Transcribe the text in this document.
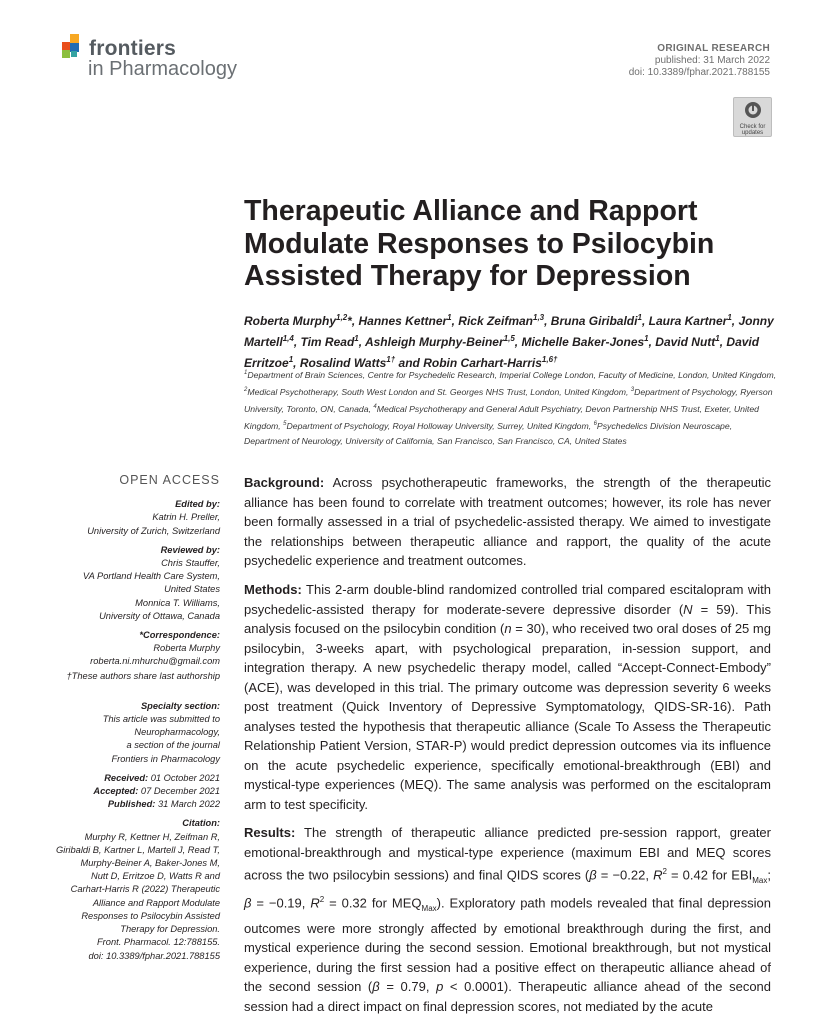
frontiers
in Pharmacology
ORIGINAL RESEARCH
published: 31 March 2022
doi: 10.3389/fphar.2021.788155
Check for
updates
Therapeutic Alliance and Rapport Modulate Responses to Psilocybin Assisted Therapy for Depression
Roberta Murphy$^{1,2}$*, Hannes Kettner$^1$, Rick Zeifman$^{1,3}$, Bruna Giribaldi$^1$, Laura Kartner$^1$, Jonny Martell$^{1,4}$, Tim Read$^1$, Ashleigh Murphy-Beiner$^{1,5}$, Michelle Baker-Jones$^1$, David Nutt$^1$, David Erritzoe$^1$, Rosalind Watts$^{1\dagger}$ and Robin Carhart-Harris$^{1,6\dagger}$
$^1$Department of Brain Sciences, Centre for Psychedelic Research, Imperial College London, Faculty of Medicine, London, United Kingdom, $^2$Medical Psychotherapy, South West London and St. Georges NHS Trust, London, United Kingdom, $^3$Department of Psychology, Ryerson University, Toronto, ON, Canada, $^4$Medical Psychotherapy and General Adult Psychiatry, Devon Partnership NHS Trust, Exeter, United Kingdom, $^5$Department of Psychology, Royal Holloway University, Surrey, United Kingdom, $^6$Psychedelics Division Neuroscape, Department of Neurology, University of California, San Francisco, San Francisco, CA, United States
OPEN ACCESS
Edited by:
Katrin H. Preller,
University of Zurich, Switzerland
Reviewed by:
Chris Stauffer,
VA Portland Health Care System,
United States
Monnica T. Williams,
University of Ottawa, Canada
*Correspondence:
Roberta Murphy
roberta.ni.mhurchu@gmail.com
†These authors share last authorship
Specialty section:
This article was submitted to
Neuropharmacology,
a section of the journal
Frontiers in Pharmacology
Received: 01 October 2021
Accepted: 07 December 2021
Published: 31 March 2022
Citation:
Murphy R, Kettner H, Zeifman R,
Giribaldi B, Kartner L, Martell J, Read T,
Murphy-Beiner A, Baker-Jones M,
Nutt D, Erritzoe D, Watts R and
Carhart-Harris R (2022) Therapeutic
Alliance and Rapport Modulate
Responses to Psilocybin Assisted
Therapy for Depression.
Front. Pharmacol. 12:788155.
doi: 10.3389/fphar.2021.788155
Background: Across psychotherapeutic frameworks, the strength of the therapeutic alliance has been found to correlate with treatment outcomes; however, its role has never been formally assessed in a trial of psychedelic-assisted therapy. We aimed to investigate the relationships between therapeutic alliance and rapport, the quality of the acute psychedelic experience and treatment outcomes.
Methods: This 2-arm double-blind randomized controlled trial compared escitalopram with psychedelic-assisted therapy for moderate-severe depressive disorder (N = 59). This analysis focused on the psilocybin condition (n = 30), who received two oral doses of 25 mg psilocybin, 3-weeks apart, with psychological preparation, in-session support, and integration therapy. A new psychedelic therapy model, called “Accept-Connect-Embody” (ACE), was developed in this trial. The primary outcome was depression severity 6 weeks post treatment (Quick Inventory of Depressive Symptomatology, QIDS-SR-16). Path analyses tested the hypothesis that therapeutic alliance (Scale To Assess the Therapeutic Relationship Patient Version, STAR-P) would predict depression outcomes via its influence on the acute psychedelic experience, specifically emotional-breakthrough (EBI) and mystical-type experiences (MEQ). The same analysis was performed on the escitalopram arm to test specificity.
Results: The strength of therapeutic alliance predicted pre-session rapport, greater emotional-breakthrough and mystical-type experience (maximum EBI and MEQ scores across the two psilocybin sessions) and final QIDS scores (β = −0.22, $R^2 = 0.42$ for $EBI_{Max}$; β = −0.19, $R^2 = 0.32$ for $MEQ_{Max}$). Exploratory path models revealed that final depression outcomes were more strongly affected by emotional breakthrough during the first, and mystical experience during the second session. Emotional breakthrough, but not mystical experience, during the first session had a positive effect on therapeutic alliance ahead of the second session (β = 0.79, p < 0.0001). Therapeutic alliance ahead of the second session had a direct impact on final depression scores, not mediated by the acute
